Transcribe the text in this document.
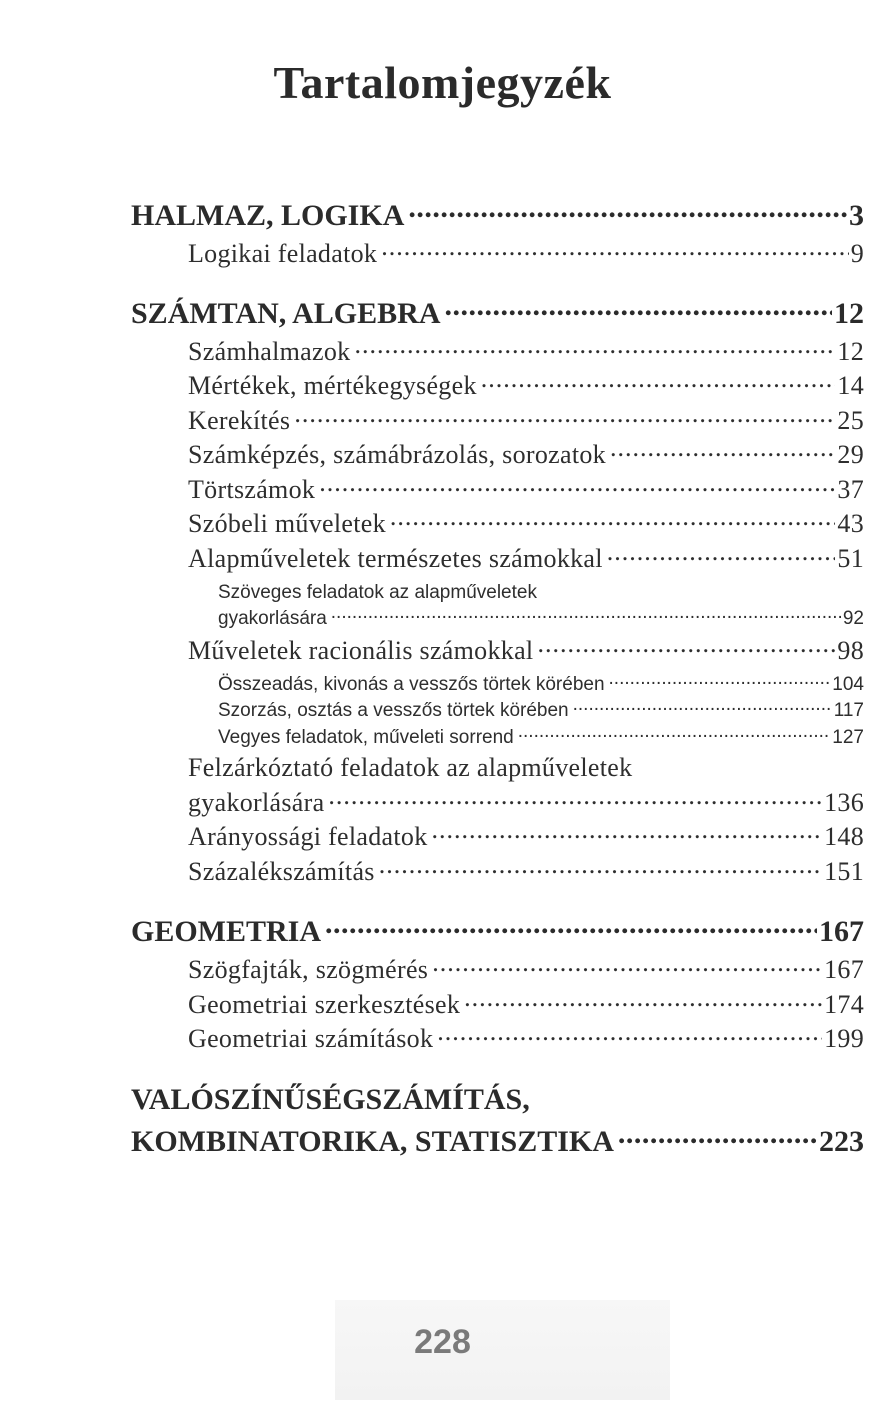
Tartalomjegyzék
HALMAZ, LOGIKA .....	3
Logikai feladatok .....	9
SZÁMTAN, ALGEBRA .....	12
Számhalmazok .....	12
Mértékek, mértékegységek .....	14
Kerekítés .....	25
Számképzés, számábrázolás, sorozatok .....	29
Törtszámok .....	37
Szóbeli műveletek .....	43
Alapműveletek természetes számokkal .....	51
Szöveges feladatok az alapműveletek
gyakorlására .....	92
Műveletek racionális számokkal .....	98
Összeadás, kivonás a vesszős törtek körében .....	104
Szorzás, osztás a vesszős törtek körében .....	117
Vegyes feladatok, műveleti sorrend .....	127
Felzárkóztató feladatok az alapműveletek
gyakorlására .....	136
Arányossági feladatok .....	148
Százalékszámítás .....	151
GEOMETRIA .....	167
Szögfajták, szögmérés .....	167
Geometriai szerkesztések .....	174
Geometriai számítások .....	199
VALÓSZÍNŰSÉGSZÁMÍTÁS,
KOMBINATORIKA, STATISZTIKA .....	223
228
